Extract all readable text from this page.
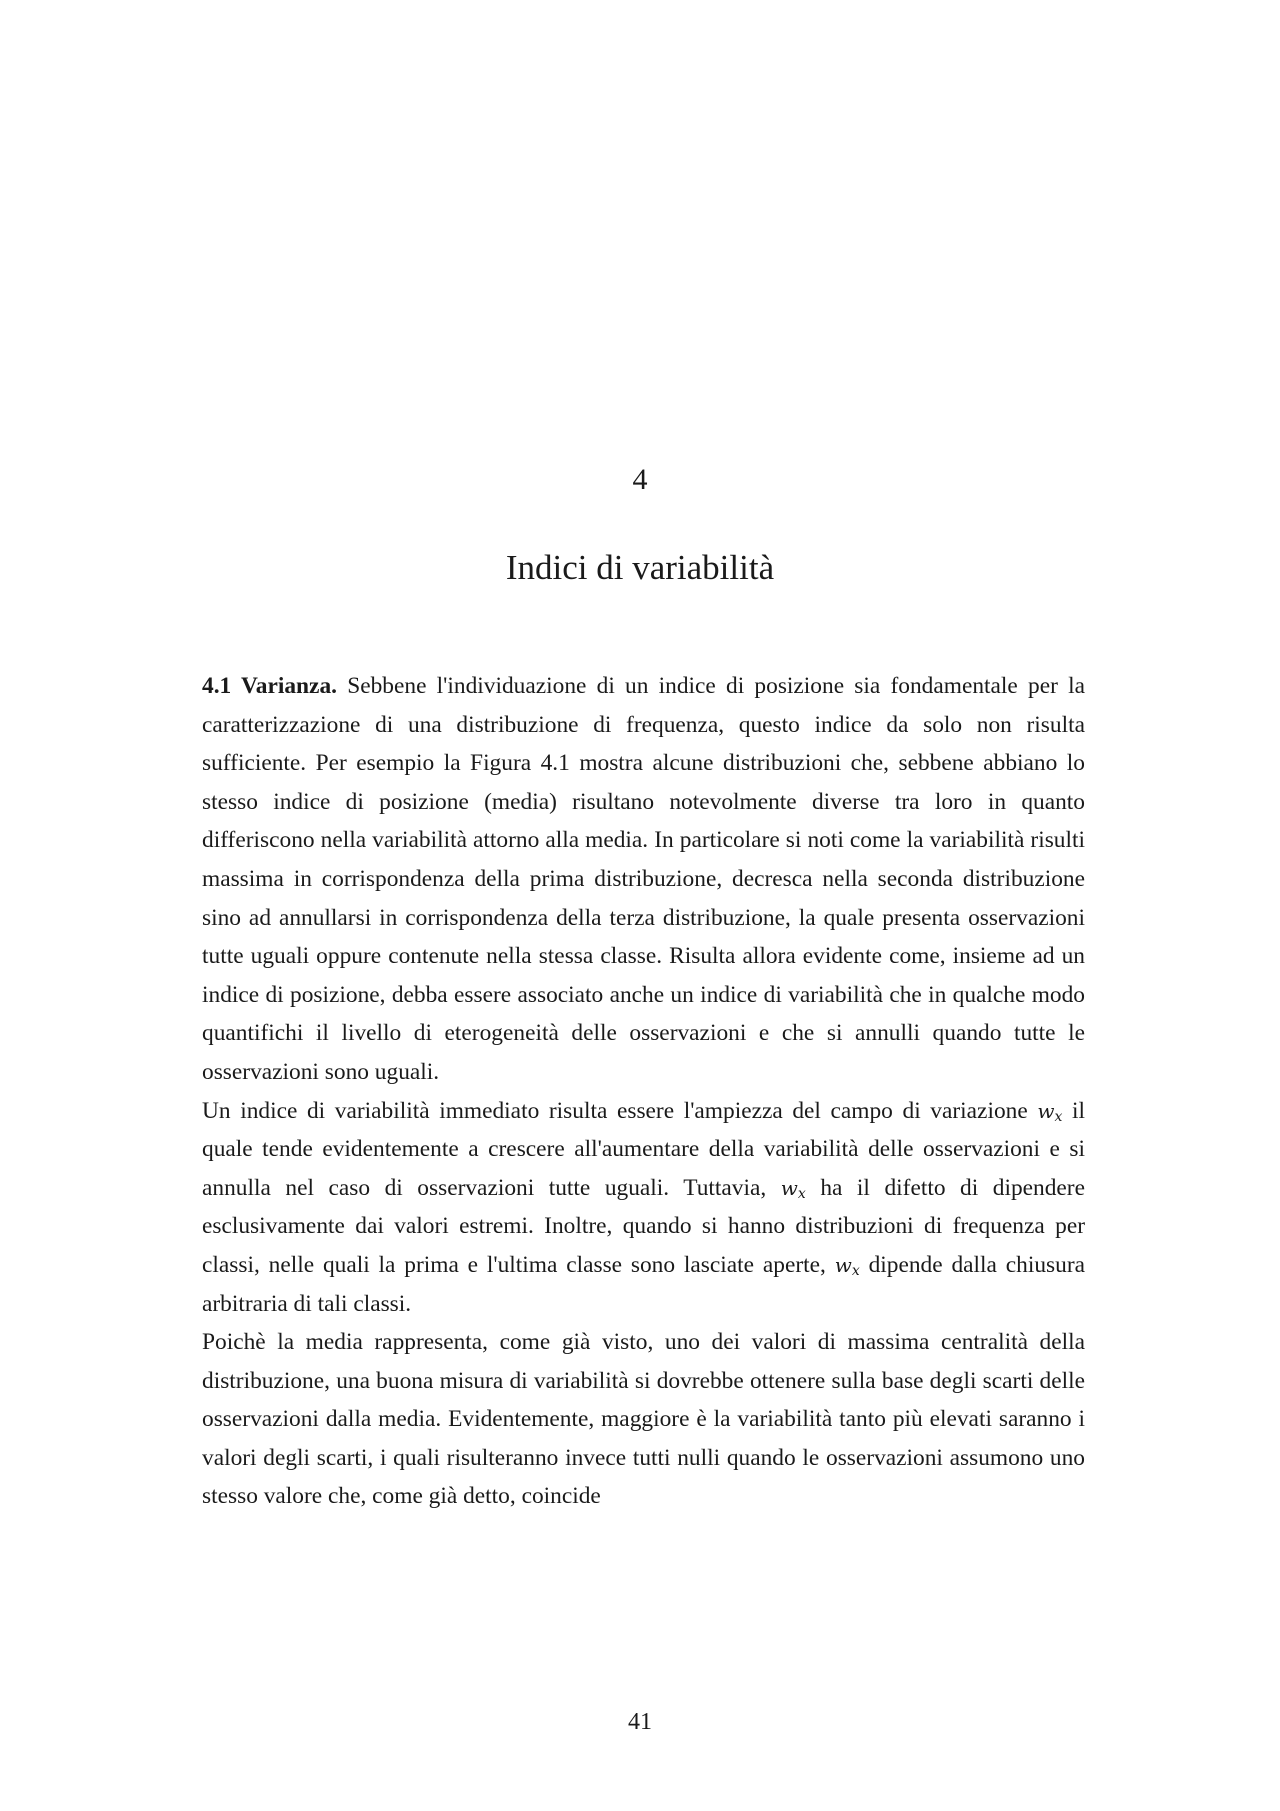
4
Indici di variabilità

4.1 Varianza. Sebbene l'individuazione di un indice di posizione sia fondamentale per la caratterizzazione di una distribuzione di frequenza, questo indice da solo non risulta sufficiente. Per esempio la Figura 4.1 mostra alcune distribuzioni che, sebbene abbiano lo stesso indice di posizione (media) risultano notevolmente diverse tra loro in quanto differiscono nella variabilità attorno alla media. In particolare si noti come la variabilità risulti massima in corrispondenza della prima distribuzione, decresca nella seconda distribuzione sino ad annullarsi in corrispondenza della terza distribuzione, la quale presenta osservazioni tutte uguali oppure contenute nella stessa classe. Risulta allora evidente come, insieme ad un indice di posizione, debba essere associato anche un indice di variabilità che in qualche modo quantifichi il livello di eterogeneità delle osservazioni e che si annulli quando tutte le osservazioni sono uguali.

Un indice di variabilità immediato risulta essere l'ampiezza del campo di variazione $w_x$ il quale tende evidentemente a crescere all'aumentare della variabilità delle osservazioni e si annulla nel caso di osservazioni tutte uguali. Tuttavia, $w_x$ ha il difetto di dipendere esclusivamente dai valori estremi. Inoltre, quando si hanno distribuzioni di frequenza per classi, nelle quali la prima e l'ultima classe sono lasciate aperte, $w_x$ dipende dalla chiusura arbitraria di tali classi.

Poichè la media rappresenta, come già visto, uno dei valori di massima centralità della distribuzione, una buona misura di variabilità si dovrebbe ottenere sulla base degli scarti delle osservazioni dalla media. Evidentemente, maggiore è la variabilità tanto più elevati saranno i valori degli scarti, i quali risulteranno invece tutti nulli quando le osservazioni assumono uno stesso valore che, come già detto, coincide

41
